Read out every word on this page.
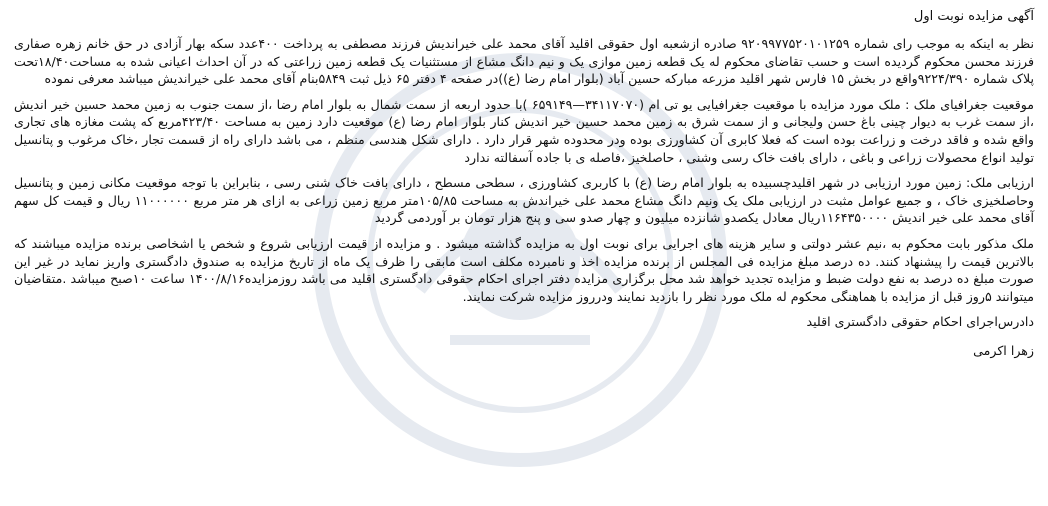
آگهی مزایده نوبت اول
نظر به اینکه به موجب رای شماره ۹۲۰۹۹۷۷۵۲۰۱۰۱۲۵۹ صادره ازشعبه اول حقوقی اقلید آقای محمد علی خیراندیش فرزند مصطفی به پرداخت ۴۰۰عدد سکه بهار آزادی در حق خانم زهره صفاری فرزند محسن محکوم گردیده است و حسب تقاضای محکوم له یک قطعه زمین موازی یک و نیم دانگ مشاع از مستثنیات یک قطعه زمین زراعتی که در آن احداث اعیانی شده به مساحت۱۸/۴۰تحت پلاک شماره ۹۲۲۴/۳۹۰واقع در بخش ۱۵ فارس شهر اقلید مزرعه مبارکه حسین آباد (بلوار امام رضا (ع))در صفحه ۴ دفتر ۶۵ ذیل ثبت ۵۸۴۹بنام آقای محمد علی خیراندیش میباشد معرفی نموده
موقعیت جغرافیای ملک : ملک مورد مزایده با موقعیت جغرافیایی یو تی ام (۳۴۱۱۷۰۷۰—۶۵۹۱۴۹ )با حدود اربعه از سمت شمال به بلوار امام رضا ،از سمت جنوب به زمین محمد حسین خیر اندیش ،از سمت غرب به دیوار چینی باغ حسن ولیجانی و از سمت شرق به زمین محمد حسین خیر اندیش کنار بلوار امام رضا (ع) موقعیت دارد زمین به مساحت ۴۲۳/۴۰مربع که پشت مغازه های تجاری واقع شده و فاقد درخت و زراعت بوده است که فعلا کابری آن کشاورزی بوده ودر محدوده شهر قرار دارد . دارای شکل هندسی منظم ، می باشد دارای راه از قسمت تجار ،خاک مرغوب و پتانسیل تولید انواع محصولات زراعی و باغی ، دارای بافت خاک رسی وشنی ، حاصلخیز ،فاصله ی با جاده آسفالته ندارد
ارزیابی ملک: زمین مورد ارزیابی در شهر اقلیدچسبیده به بلوار امام رضا (ع) با کاربری کشاورزی ، سطحی مسطح ، دارای بافت خاک شنی رسی ، بنابراین با توجه موقعیت مکانی زمین و پتانسیل وحاصلخیزی خاک ، و جمیع عوامل مثبت در ارزیابی ملک یک ونیم دانگ مشاع محمد علی خیراندش به مساحت ۱۰۵/۸۵متر مربع زمین زراعی به ازای هر متر مربع ۱۱۰۰۰۰۰۰ ریال و قیمت کل سهم آقای محمد علی خیر اندیش ۱۱۶۴۳۵۰۰۰۰ریال معادل یکصدو شانزده میلیون و چهار صدو سی و پنج هزار تومان بر آوردمی گردید
ملک مذکور بابت محکوم به ،نیم عشر دولتی و سایر هزینه های اجرایی برای نوبت اول به مزایده گذاشته میشود . و مزایده از قیمت ارزیابی شروع و شخص یا اشخاصی برنده مزایده میباشند که بالاترین قیمت را پیشنهاد کنند. ده درصد مبلغ مزایده فی المجلس از برنده مزایده اخذ و نامبرده مکلف است مابقی را ظرف یک ماه از تاریخ مزایده به صندوق دادگستری واریز نماید در غیر این صورت مبلغ ده درصد به نفع دولت ضبط و مزایده تجدید خواهد شد محل برگزاری مزایده دفتر اجرای احکام حقوقی دادگستری اقلید می باشد روزمزایده۱۴۰۰/۸/۱۶ ساعت ۱۰صبح میباشد .متقاضیان میتوانند ۵روز قبل از مزایده با هماهنگی محکوم له ملک مورد نظر را بازدید نمایند ودرروز مزایده شرکت نمایند.
دادرس‌اجرای احکام حقوقی دادگستری اقلید
زهرا اکرمی
